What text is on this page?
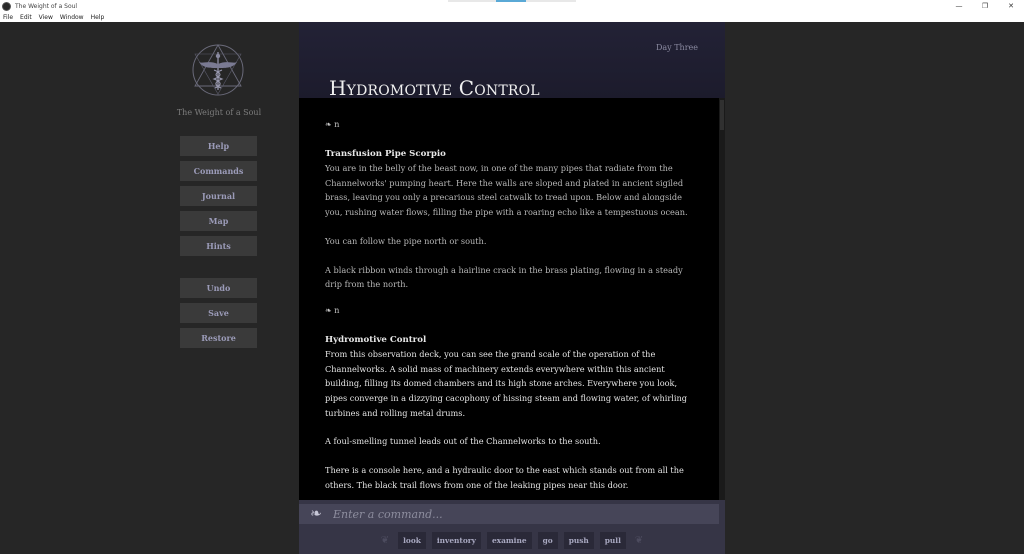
The Weight of a Soul	—	❐	✕
File Edit View Window Help
The Weight of a Soul
Help
Commands
Journal
Map
Hints
Undo
Save
Restore
Day Three
Hydromotive Control
❧ n
Transfusion Pipe Scorpio

You are in the belly of the beast now, in one of the many pipes that radiate from the Channelworks' pumping heart. Here the walls are sloped and plated in ancient sigiled brass, leaving you only a precarious steel catwalk to tread upon. Below and alongside you, rushing water flows, filling the pipe with a roaring echo like a tempestuous ocean.

You can follow the pipe north or south.

A black ribbon winds through a hairline crack in the brass plating, flowing in a steady drip from the north.

❧ n
Hydromotive Control

From this observation deck, you can see the grand scale of the operation of the Channelworks. A solid mass of machinery extends everywhere within this ancient building, filling its domed chambers and its high stone arches. Everywhere you look, pipes converge in a dizzying cacophony of hissing steam and flowing water, of whirling turbines and rolling metal drums.

A foul-smelling tunnel leads out of the Channelworks to the south.

There is a console here, and a hydraulic door to the east which stands out from all the others. The black trail flows from one of the leaking pipes near this door.

❧
Enter a command...
❦	look	inventory	examine	go	push	pull	❦
